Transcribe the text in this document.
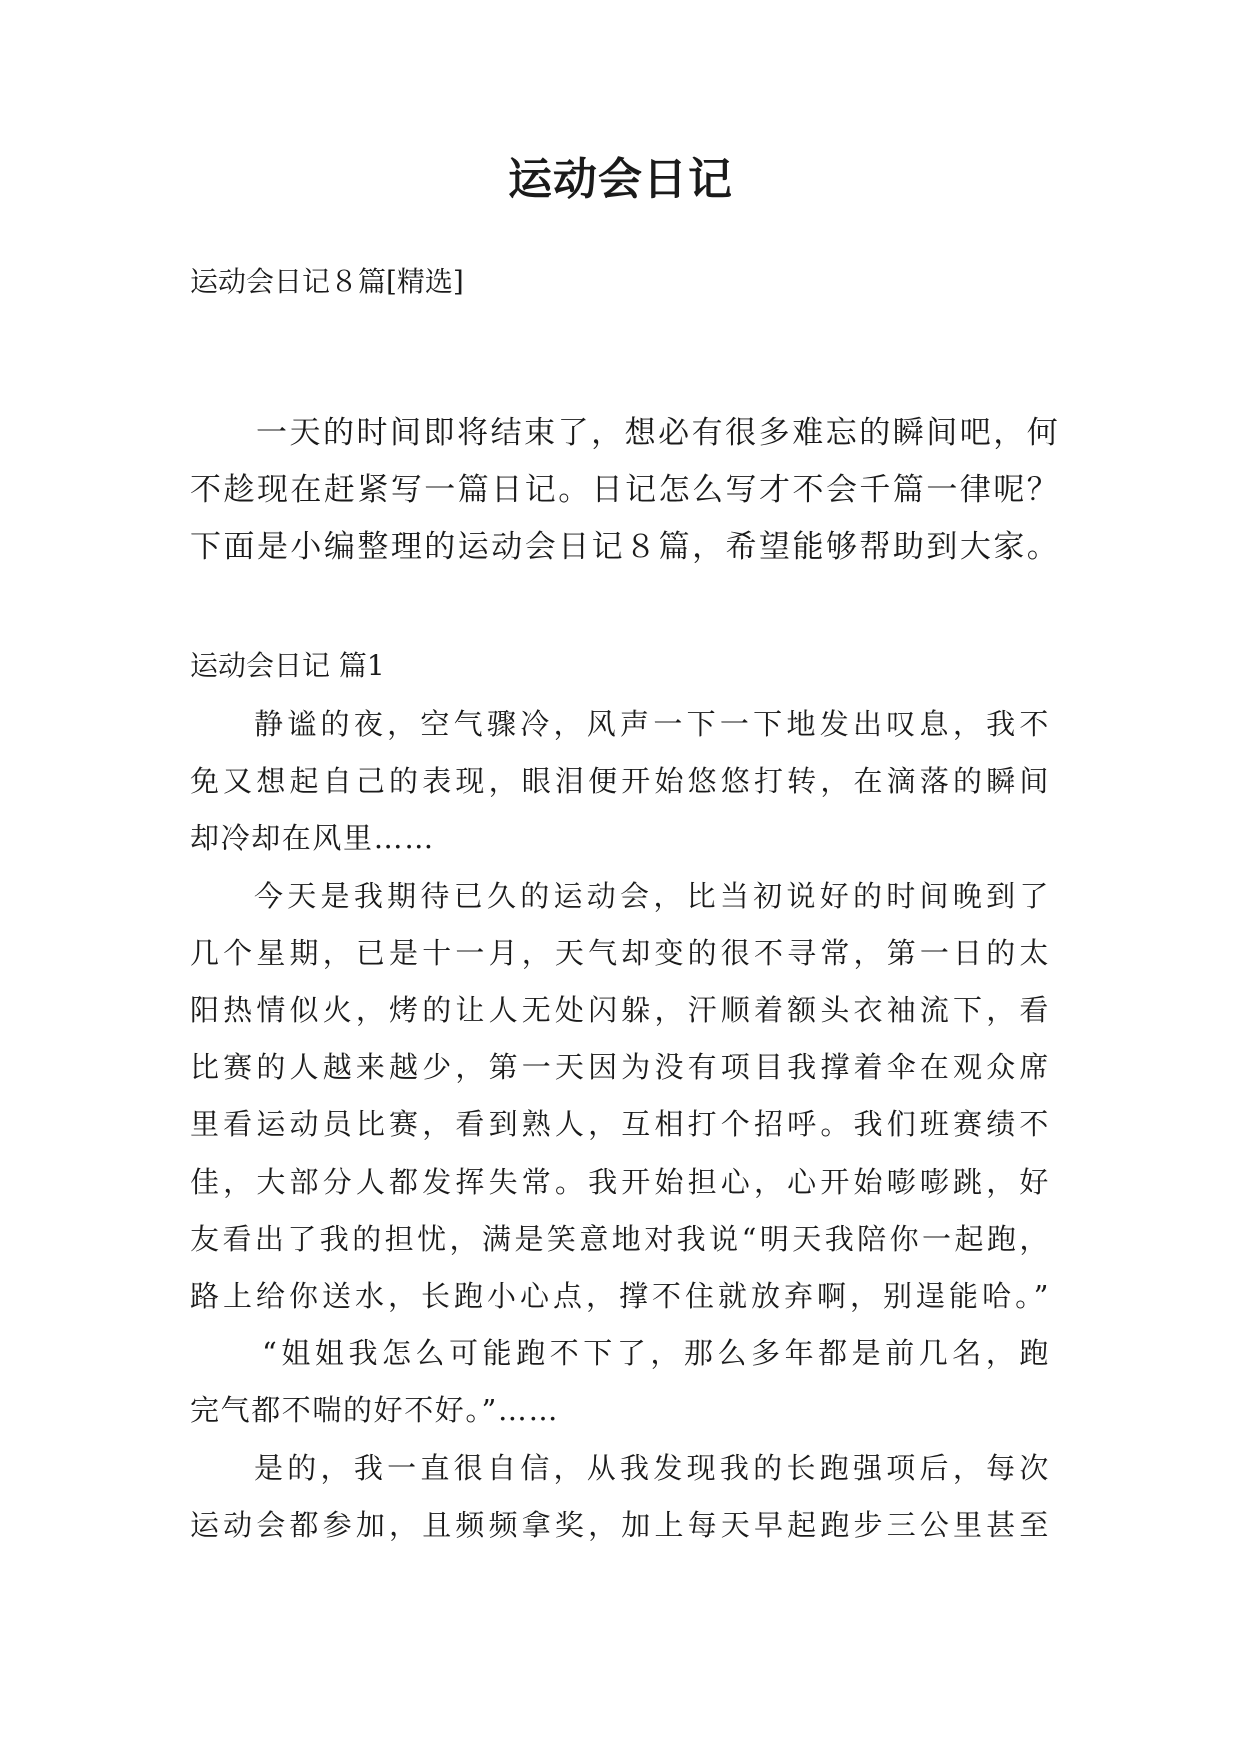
运动会日记
运动会日记８篇[精选]
一天的时间即将结束了，想必有很多难忘的瞬间吧，何
不趁现在赶紧写一篇日记。日记怎么写才不会千篇一律呢？
下面是小编整理的运动会日记８篇，希望能够帮助到大家。
运动会日记 篇1
静谧的夜，空气骤冷，风声一下一下地发出叹息，我不
免又想起自己的表现，眼泪便开始悠悠打转，在滴落的瞬间
却冷却在风里……
今天是我期待已久的运动会，比当初说好的时间晚到了
几个星期，已是十一月，天气却变的很不寻常，第一日的太
阳热情似火，烤的让人无处闪躲，汗顺着额头衣袖流下，看
比赛的人越来越少，第一天因为没有项目我撑着伞在观众席
里看运动员比赛，看到熟人，互相打个招呼。我们班赛绩不
佳，大部分人都发挥失常。我开始担心，心开始嘭嘭跳，好
友看出了我的担忧，满是笑意地对我说“明天我陪你一起跑，
路上给你送水，长跑小心点，撑不住就放弃啊，别逞能哈。”
“姐姐我怎么可能跑不下了，那么多年都是前几名，跑
完气都不喘的好不好。”……
是的，我一直很自信，从我发现我的长跑强项后，每次
运动会都参加，且频频拿奖，加上每天早起跑步三公里甚至
